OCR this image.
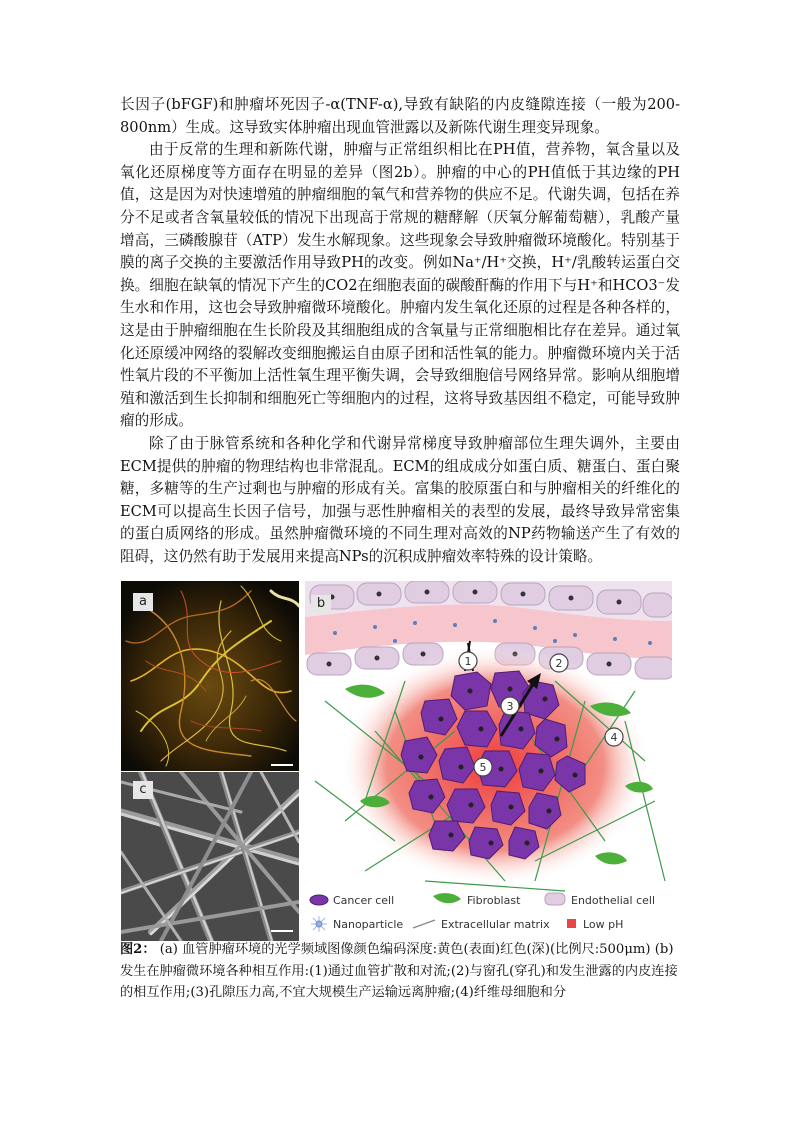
长因子(bFGF)和肿瘤坏死因子-α(TNF-α),导致有缺陷的内皮缝隙连接（一般为200-800nm）生成。这导致实体肿瘤出现血管泄露以及新陈代谢生理变异现象。

由于反常的生理和新陈代谢，肿瘤与正常组织相比在PH值，营养物，氧含量以及氧化还原梯度等方面存在明显的差异（图2b）。肿瘤的中心的PH值低于其边缘的PH值，这是因为对快速增殖的肿瘤细胞的氧气和营养物的供应不足。代谢失调，包括在养分不足或者含氧量较低的情况下出现高于常规的糖酵解（厌氧分解葡萄糖），乳酸产量增高，三磷酸腺苷（ATP）发生水解现象。这些现象会导致肿瘤微环境酸化。特别基于膜的离子交换的主要激活作用导致PH的改变。例如Na⁺/H⁺交换，H⁺/乳酸转运蛋白交换。细胞在缺氧的情况下产生的CO2在细胞表面的碳酸酐酶的作用下与H⁺和HCO3⁻发生水和作用，这也会导致肿瘤微环境酸化。肿瘤内发生氧化还原的过程是各种各样的，这是由于肿瘤细胞在生长阶段及其细胞组成的含氧量与正常细胞相比存在差异。通过氧化还原缓冲网络的裂解改变细胞搬运自由原子团和活性氧的能力。肿瘤微环境内关于活性氧片段的不平衡加上活性氧生理平衡失调，会导致细胞信号网络异常。影响从细胞增殖和激活到生长抑制和细胞死亡等细胞内的过程，这将导致基因组不稳定，可能导致肿瘤的形成。

除了由于脉管系统和各种化学和代谢异常梯度导致肿瘤部位生理失调外，主要由ECM提供的肿瘤的物理结构也非常混乱。ECM的组成成分如蛋白质、糖蛋白、蛋白聚糖，多糖等的生产过剩也与肿瘤的形成有关。富集的胶原蛋白和与肿瘤相关的纤维化的ECM可以提高生长因子信号，加强与恶性肿瘤相关的表型的发展，最终导致异常密集的蛋白质网络的形成。虽然肿瘤微环境的不同生理对高效的NP药物输送产生了有效的阻碍，这仍然有助于发展用来提高NPs的沉积成肿瘤效率特殊的设计策略。

a
c
1	2
3
4
5
Cancer cell	Fibroblast	Endothelial cell
Nanoparticle	Extracellular matrix	Low pH
b
图2： (a) 血管肿瘤环境的光学频域图像颜色编码深度:黄色(表面)红色(深)(比例尺:500μm) (b)发生在肿瘤微环境各种相互作用:(1)通过血管扩散和对流;(2)与窗孔(穿孔)和发生泄露的内皮连接的相互作用;(3)孔隙压力高,不宜大规模生产运输远离肿瘤;(4)纤维母细胞和分
